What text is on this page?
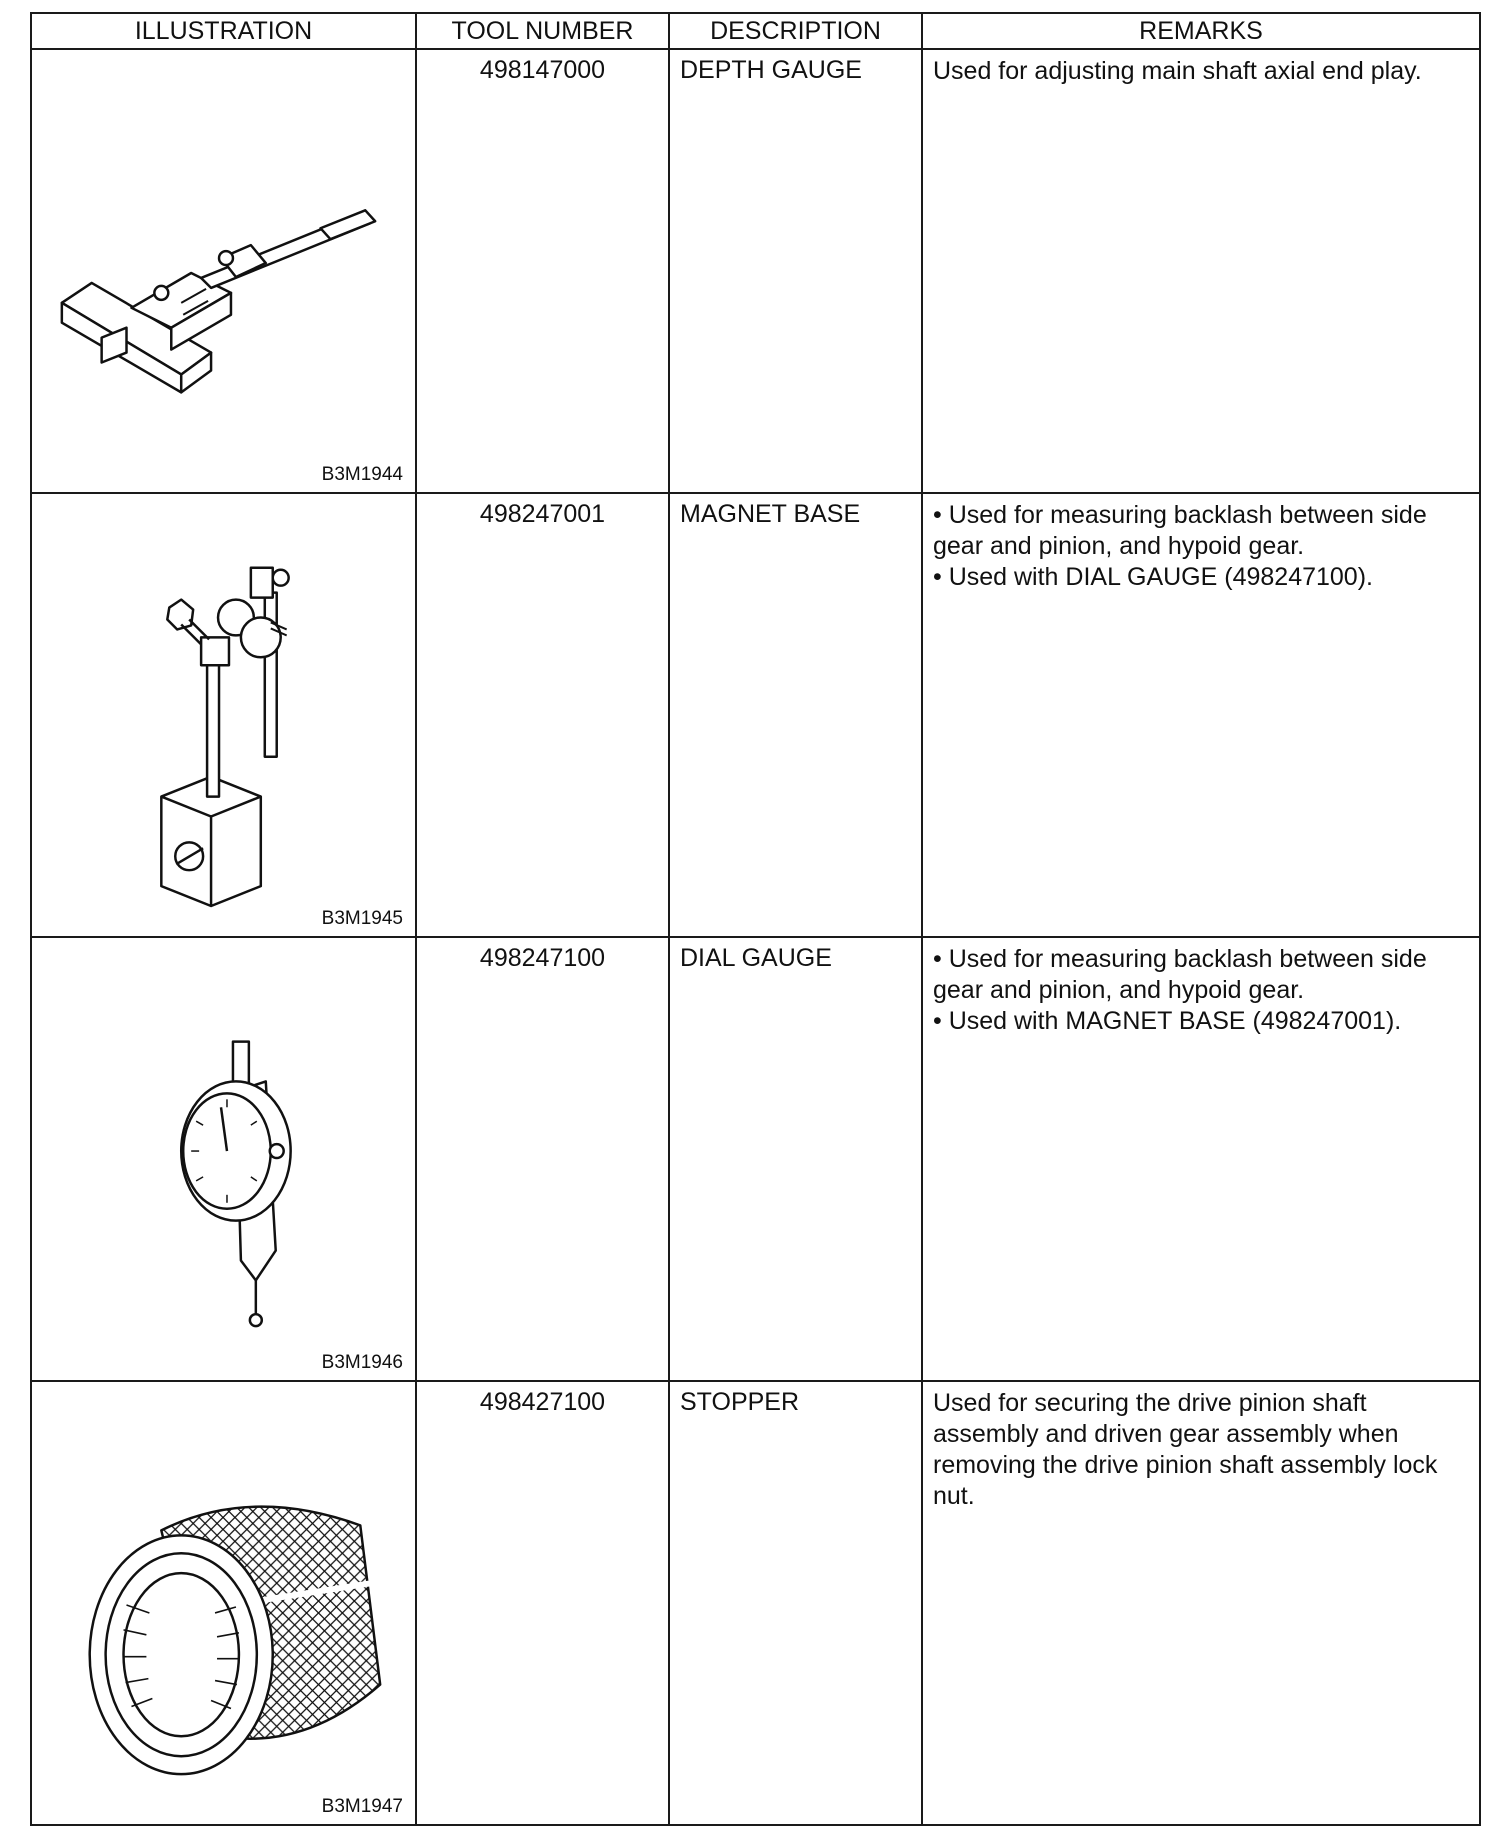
ILLUSTRATION	TOOL NUMBER	DESCRIPTION	REMARKS

B3M1944	498147000	DEPTH GAUGE	Used for adjusting main shaft axial end play.

B3M1945	498247001	MAGNET BASE	• Used for measuring backlash between side gear and pinion, and hypoid gear.
• Used with DIAL GAUGE (498247100).

B3M1946	498247100	DIAL GAUGE	• Used for measuring backlash between side gear and pinion, and hypoid gear.
• Used with MAGNET BASE (498247001).

B3M1947	498427100	STOPPER	Used for securing the drive pinion shaft assembly and driven gear assembly when removing the drive pinion shaft assembly lock nut.
